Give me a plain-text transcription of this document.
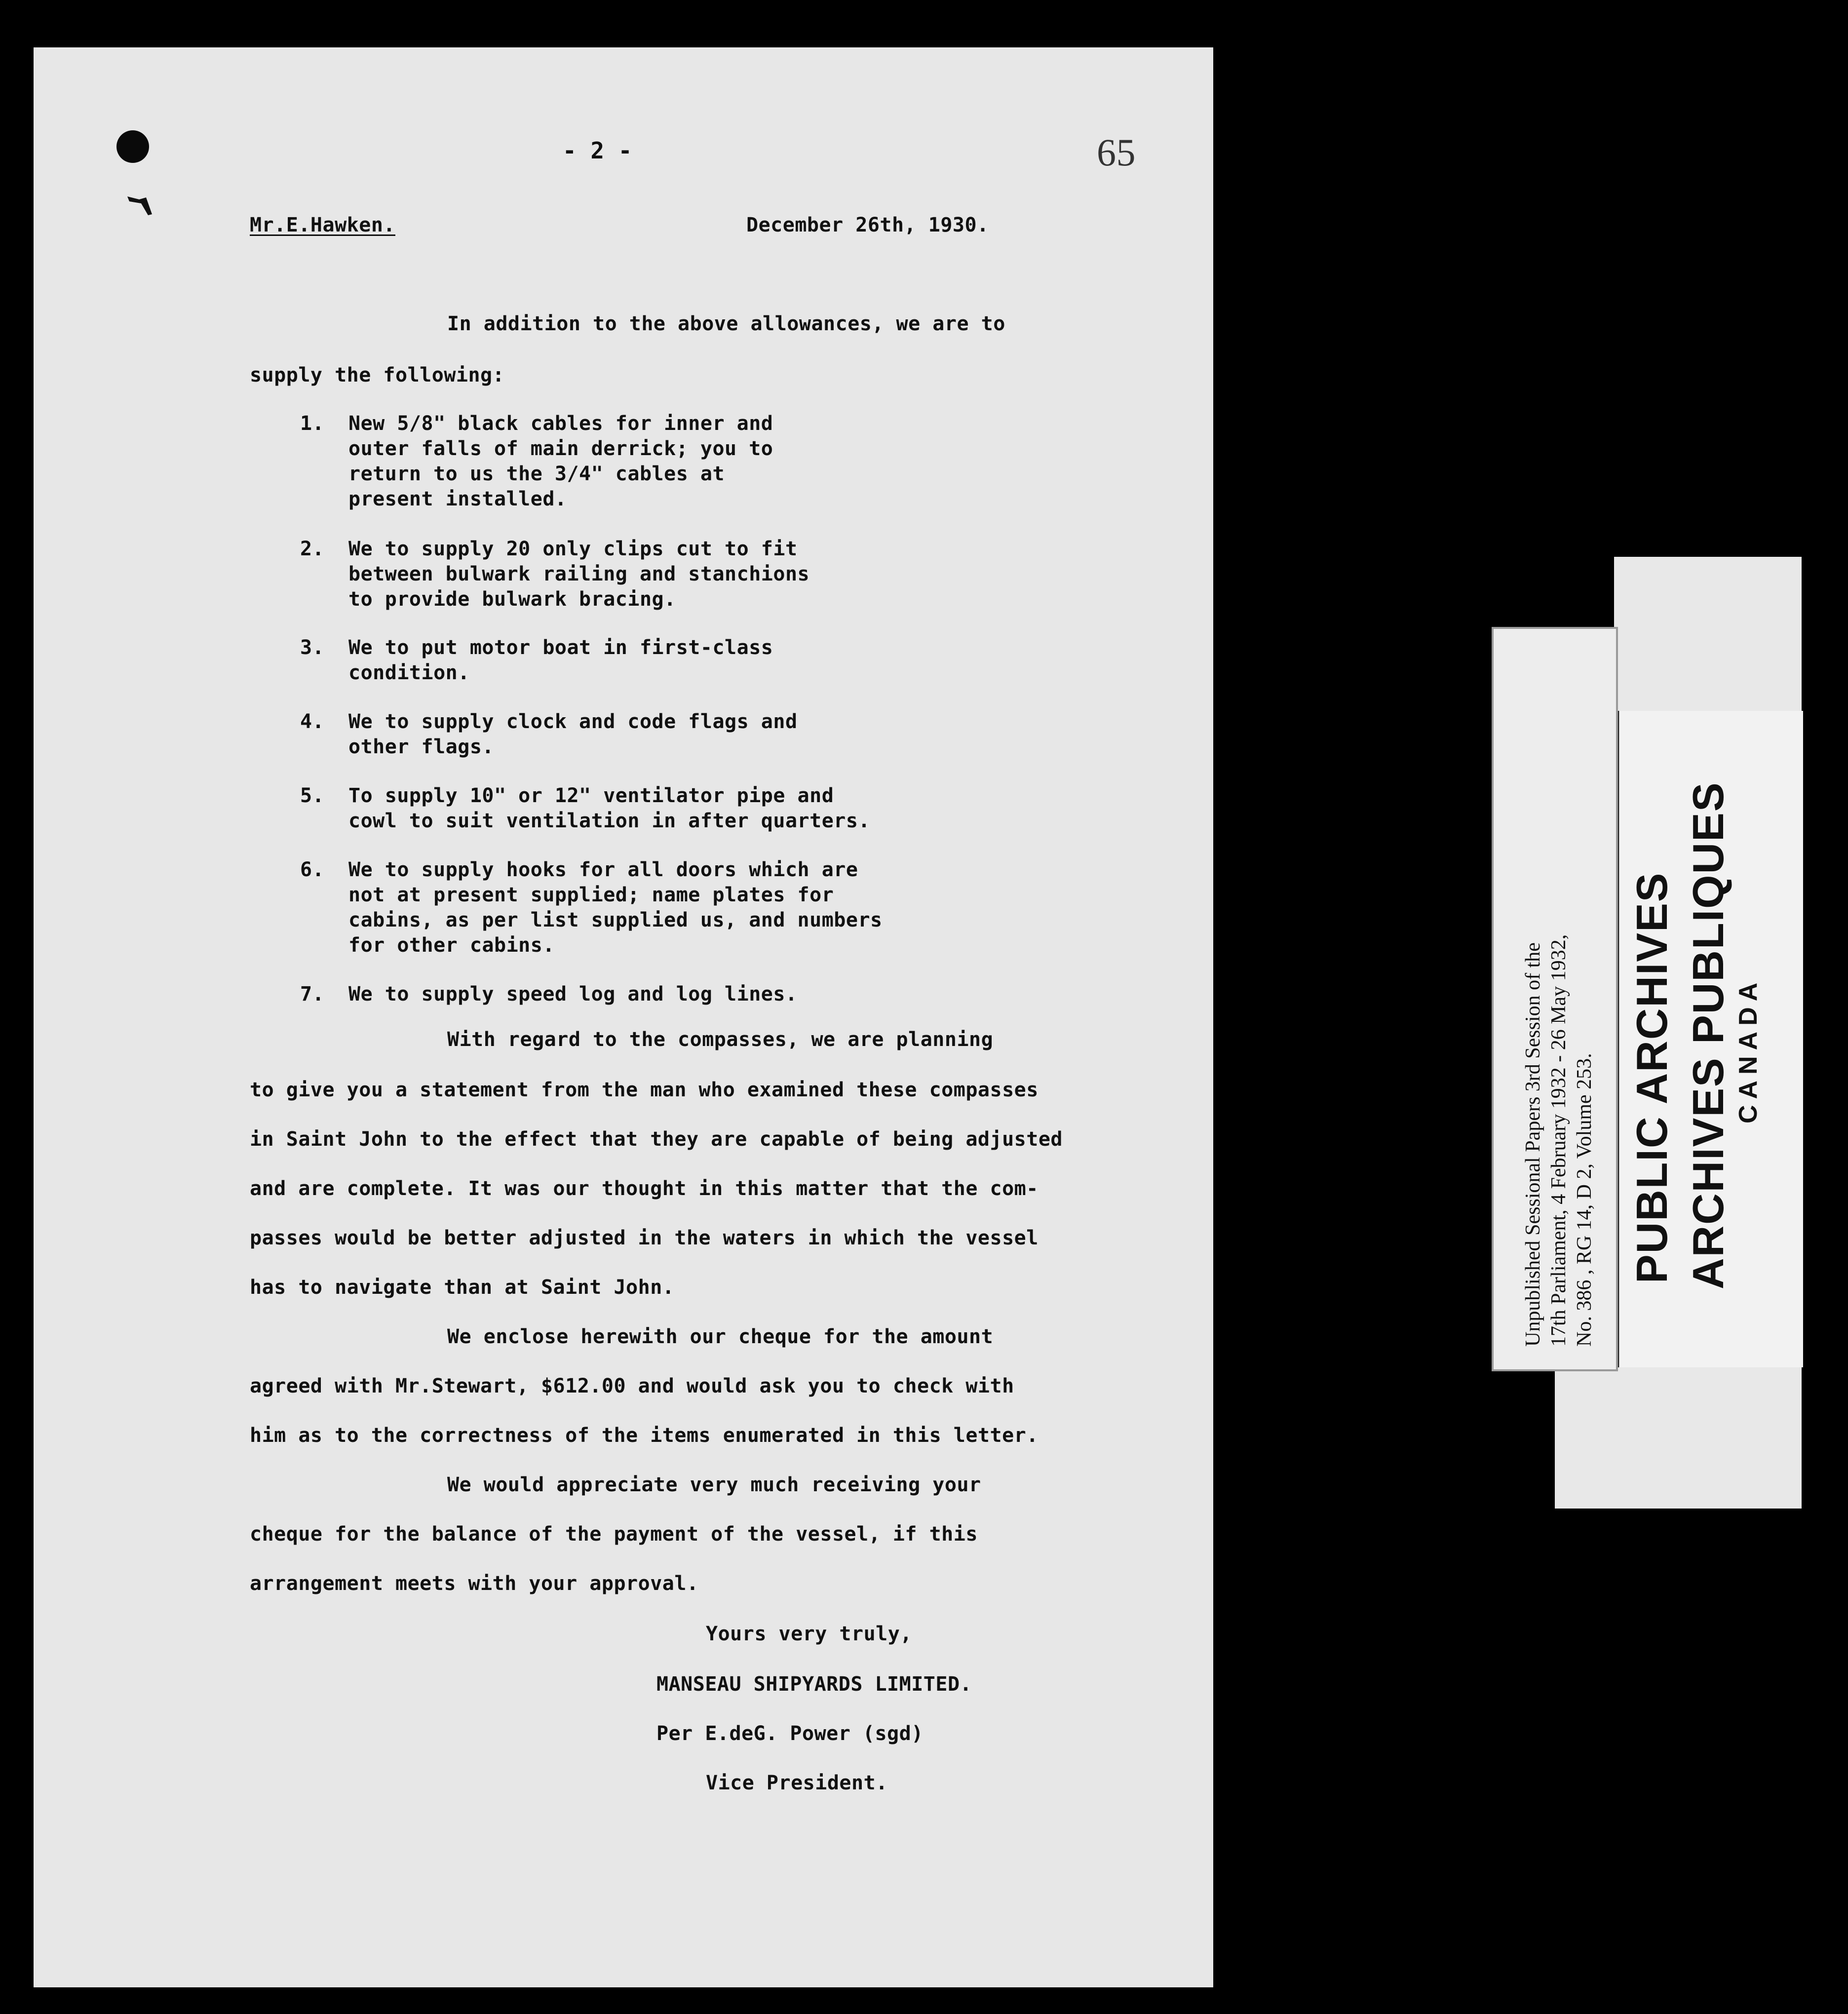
- 2 -	65

Mr.E.Hawken.	December 26th, 1930.

In addition to the above allowances, we are to

supply the following:

1. New 5/8" black cables for inner and
outer falls of main derrick; you to
return to us the 3/4" cables at
present installed.
2. We to supply 20 only clips cut to fit
between bulwark railing and stanchions
to provide bulwark bracing.
3. We to put motor boat in first-class
condition.
4. We to supply clock and code flags and
other flags.
5. To supply 10" or 12" ventilator pipe and
cowl to suit ventilation in after quarters.
6. We to supply hooks for all doors which are
not at present supplied; name plates for
cabins, as per list supplied us, and numbers
for other cabins.
7. We to supply speed log and log lines.

With regard to the compasses, we are planning

to give you a statement from the man who examined these compasses

in Saint John to the effect that they are capable of being adjusted

and are complete. It was our thought in this matter that the com-

passes would be better adjusted in the waters in which the vessel

has to navigate than at Saint John.

We enclose herewith our cheque for the amount

agreed with Mr.Stewart, $612.00 and would ask you to check with

him as to the correctness of the items enumerated in this letter.

We would appreciate very much receiving your

cheque for the balance of the payment of the vessel, if this

arrangement meets with your approval.

Yours very truly,

MANSEAU SHIPYARDS LIMITED.

Per E.deG. Power (sgd)

Vice President.

Unpublished Sessional Papers 3rd Session of the 17th Parliament, 4 February 1932 - 26 May 1932, No. 386 , RG 14, D 2, Volume 253. PUBLIC ARCHIVES ARCHIVES PUBLIQUES CANADA
